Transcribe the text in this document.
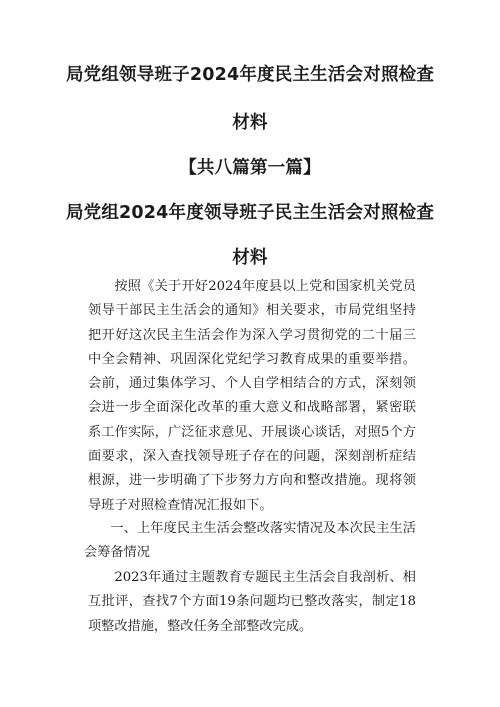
局党组领导班子2024年度民主生活会对照检查
材料
【共八篇第一篇】
局党组2024年度领导班子民主生活会对照检查
材料

按照《关于开好2024年度县以上党和国家机关党员领导干部民主生活会的通知》相关要求，市局党组坚持把开好这次民主生活会作为深入学习贯彻党的二十届三中全会精神、巩固深化党纪学习教育成果的重要举措。会前，通过集体学习、个人自学相结合的方式，深刻领会进一步全面深化改革的重大意义和战略部署，紧密联系工作实际，广泛征求意见、开展谈心谈话，对照5个方面要求，深入查找领导班子存在的问题，深刻剖析症结根源，进一步明确了下步努力方向和整改措施。现将领导班子对照检查情况汇报如下。

一、上年度民主生活会整改落实情况及本次民主生活会筹备情况

2023年通过主题教育专题民主生活会自我剖析、相互批评，查找7个方面19条问题均已整改落实，制定18项整改措施，整改任务全部整改完成。
